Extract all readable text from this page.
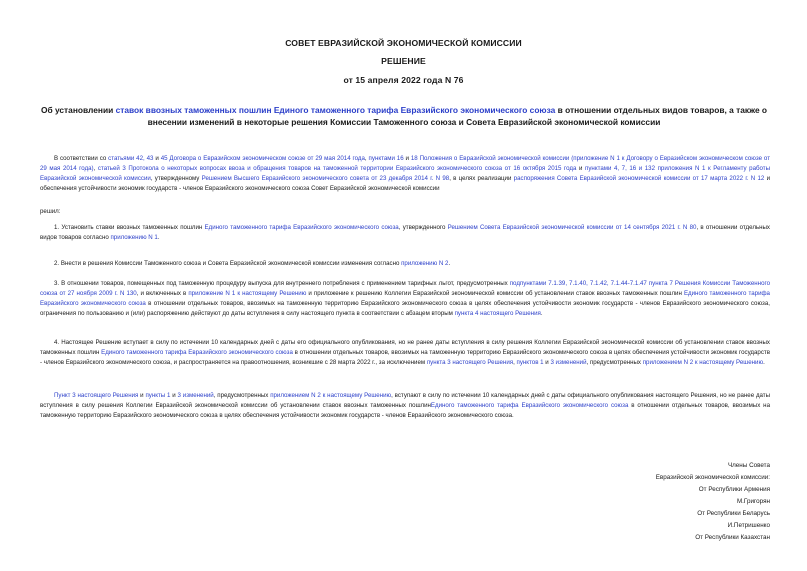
СОВЕТ ЕВРАЗИЙСКОЙ ЭКОНОМИЧЕСКОЙ КОМИССИИ
РЕШЕНИЕ
от 15 апреля 2022 года N 76
Об установлении ставок ввозных таможенных пошлин Единого таможенного тарифа Евразийского экономического союза в отношении отдельных видов товаров, а также о внесении изменений в некоторые решения Комиссии Таможенного союза и Совета Евразийской экономической комиссии
В соответствии со статьями 42, 43 и 45 Договора о Евразийском экономическом союзе от 29 мая 2014 года, пунктами 16 и 18 Положения о Евразийской экономической комиссии (приложение N 1 к Договору о Евразийском экономическом союзе от 29 мая 2014 года), статьей 3 Протокола о некоторых вопросах ввоза и обращения товаров на таможенной территории Евразийского экономического союза от 16 октября 2015 года и пунктами 4, 7, 16 и 132 приложения N 1 к Регламенту работы Евразийской экономической комиссии, утвержденному Решением Высшего Евразийского экономического совета от 23 декабря 2014 г. N 98, в целях реализации распоряжения Совета Евразийской экономической комиссии от 17 марта 2022 г. N 12 и обеспечения устойчивости экономик государств - членов Евразийского экономического союза Совет Евразийской экономической комиссии
решил:
1. Установить ставки ввозных таможенных пошлин Единого таможенного тарифа Евразийского экономического союза, утвержденного Решением Совета Евразийской экономической комиссии от 14 сентября 2021 г. N 80, в отношении отдельных видов товаров согласно приложению N 1.
2. Внести в решения Комиссии Таможенного союза и Совета Евразийской экономической комиссии изменения согласно приложению N 2.
3. В отношении товаров, помещенных под таможенную процедуру выпуска для внутреннего потребления с применением тарифных льгот, предусмотренных подпунктами 7.1.39, 7.1.40, 7.1.42, 7.1.44-7.1.47 пункта 7 Решения Комиссии Таможенного союза от 27 ноября 2009 г. N 130, и включенных в приложение N 1 к настоящему Решению и приложение к решению Коллегии Евразийской экономической комиссии об установлении ставок ввозных таможенных пошлин Единого таможенного тарифа Евразийского экономического союза в отношении отдельных товаров, ввозимых на таможенную территорию Евразийского экономического союза в целях обеспечения устойчивости экономик государств - членов Евразийского экономического союза, ограничения по пользованию и (или) распоряжению действуют до даты вступления в силу настоящего пункта в соответствии с абзацем вторым пункта 4 настоящего Решения.
4. Настоящее Решение вступает в силу по истечении 10 календарных дней с даты его официального опубликования, но не ранее даты вступления в силу решения Коллегии Евразийской экономической комиссии об установлении ставок ввозных таможенных пошлин Единого таможенного тарифа Евразийского экономического союза в отношении отдельных товаров, ввозимых на таможенную территорию Евразийского экономического союза в целях обеспечения устойчивости экономик государств - членов Евразийского экономического союза, и распространяется на правоотношения, возникшие с 28 марта 2022 г., за исключением пункта 3 настоящего Решения, пунктов 1 и 3 изменений, предусмотренных приложением N 2 к настоящему Решению.
Пункт 3 настоящего Решения и пункты 1 и 3 изменений, предусмотренных приложением N 2 к настоящему Решению, вступают в силу по истечении 10 календарных дней с даты официального опубликования настоящего Решения, но не ранее даты вступления в силу решения Коллегии Евразийской экономической комиссии об установлении ставок ввозных таможенных пошлинЕдиного таможенного тарифа Евразийского экономического союза в отношении отдельных товаров, ввозимых на таможенную территорию Евразийского экономического союза в целях обеспечения устойчивости экономик государств - членов Евразийского экономического союза.
Члены Совета
Евразийской экономической комиссии:
От Республики Армения
М.Григорян
От Республики Беларусь
И.Петришенко
От Республики Казахстан
